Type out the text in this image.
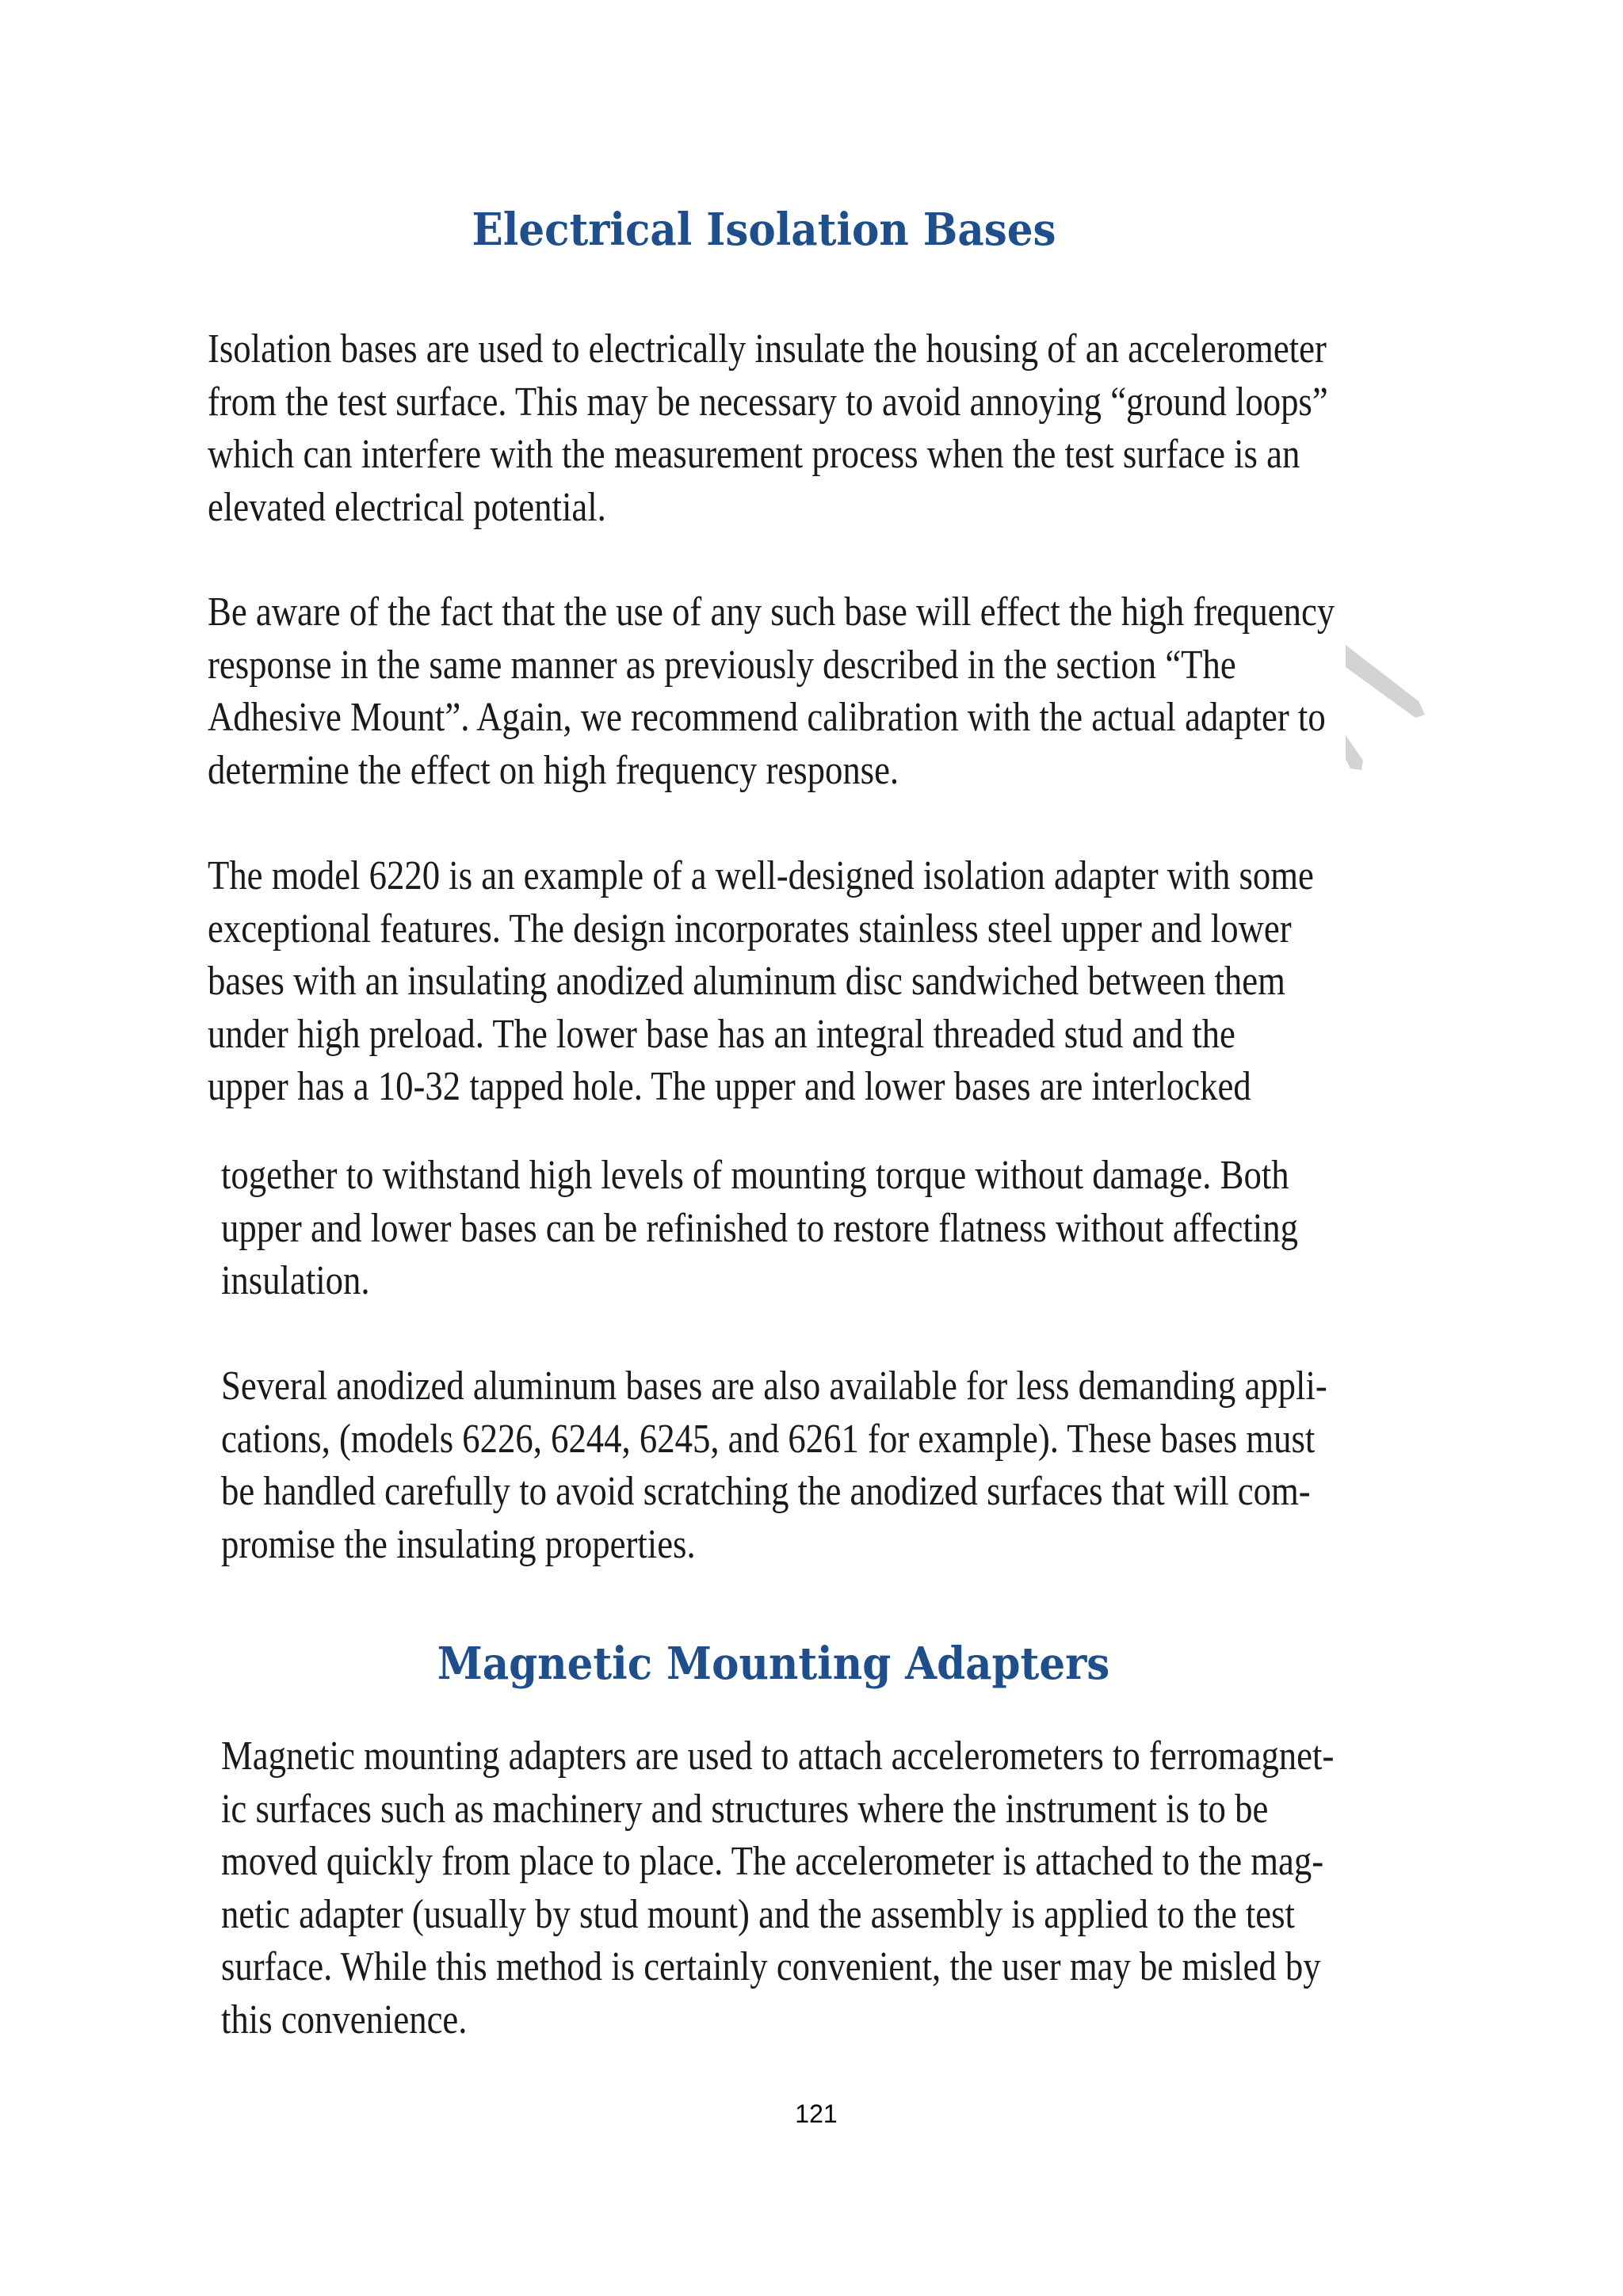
Electrical Isolation Bases

Isolation bases are used to electrically insulate the housing of an accelerometer
from the test surface. This may be necessary to avoid annoying “ground loops”
which can interfere with the measurement process when the test surface is an
elevated electrical potential.

Be aware of the fact that the use of any such base will effect the high frequency
response in the same manner as previously described in the section “The
Adhesive Mount”. Again, we recommend calibration with the actual adapter to
determine the effect on high frequency response.

The model 6220 is an example of a well-designed isolation adapter with some
exceptional features. The design incorporates stainless steel upper and lower
bases with an insulating anodized aluminum disc sandwiched between them
under high preload. The lower base has an integral threaded stud and the
upper has a 10-32 tapped hole. The upper and lower bases are interlocked

together to withstand high levels of mounting torque without damage. Both
upper and lower bases can be refinished to restore flatness without affecting
insulation.

Several anodized aluminum bases are also available for less demanding appli-
cations, (models 6226, 6244, 6245, and 6261 for example). These bases must
be handled carefully to avoid scratching the anodized surfaces that will com-
promise the insulating properties.

Magnetic Mounting Adapters

Magnetic mounting adapters are used to attach accelerometers to ferromagnet-
ic surfaces such as machinery and structures where the instrument is to be
moved quickly from place to place. The accelerometer is attached to the mag-
netic adapter (usually by stud mount) and the assembly is applied to the test
surface. While this method is certainly convenient, the user may be misled by
this convenience.

121
